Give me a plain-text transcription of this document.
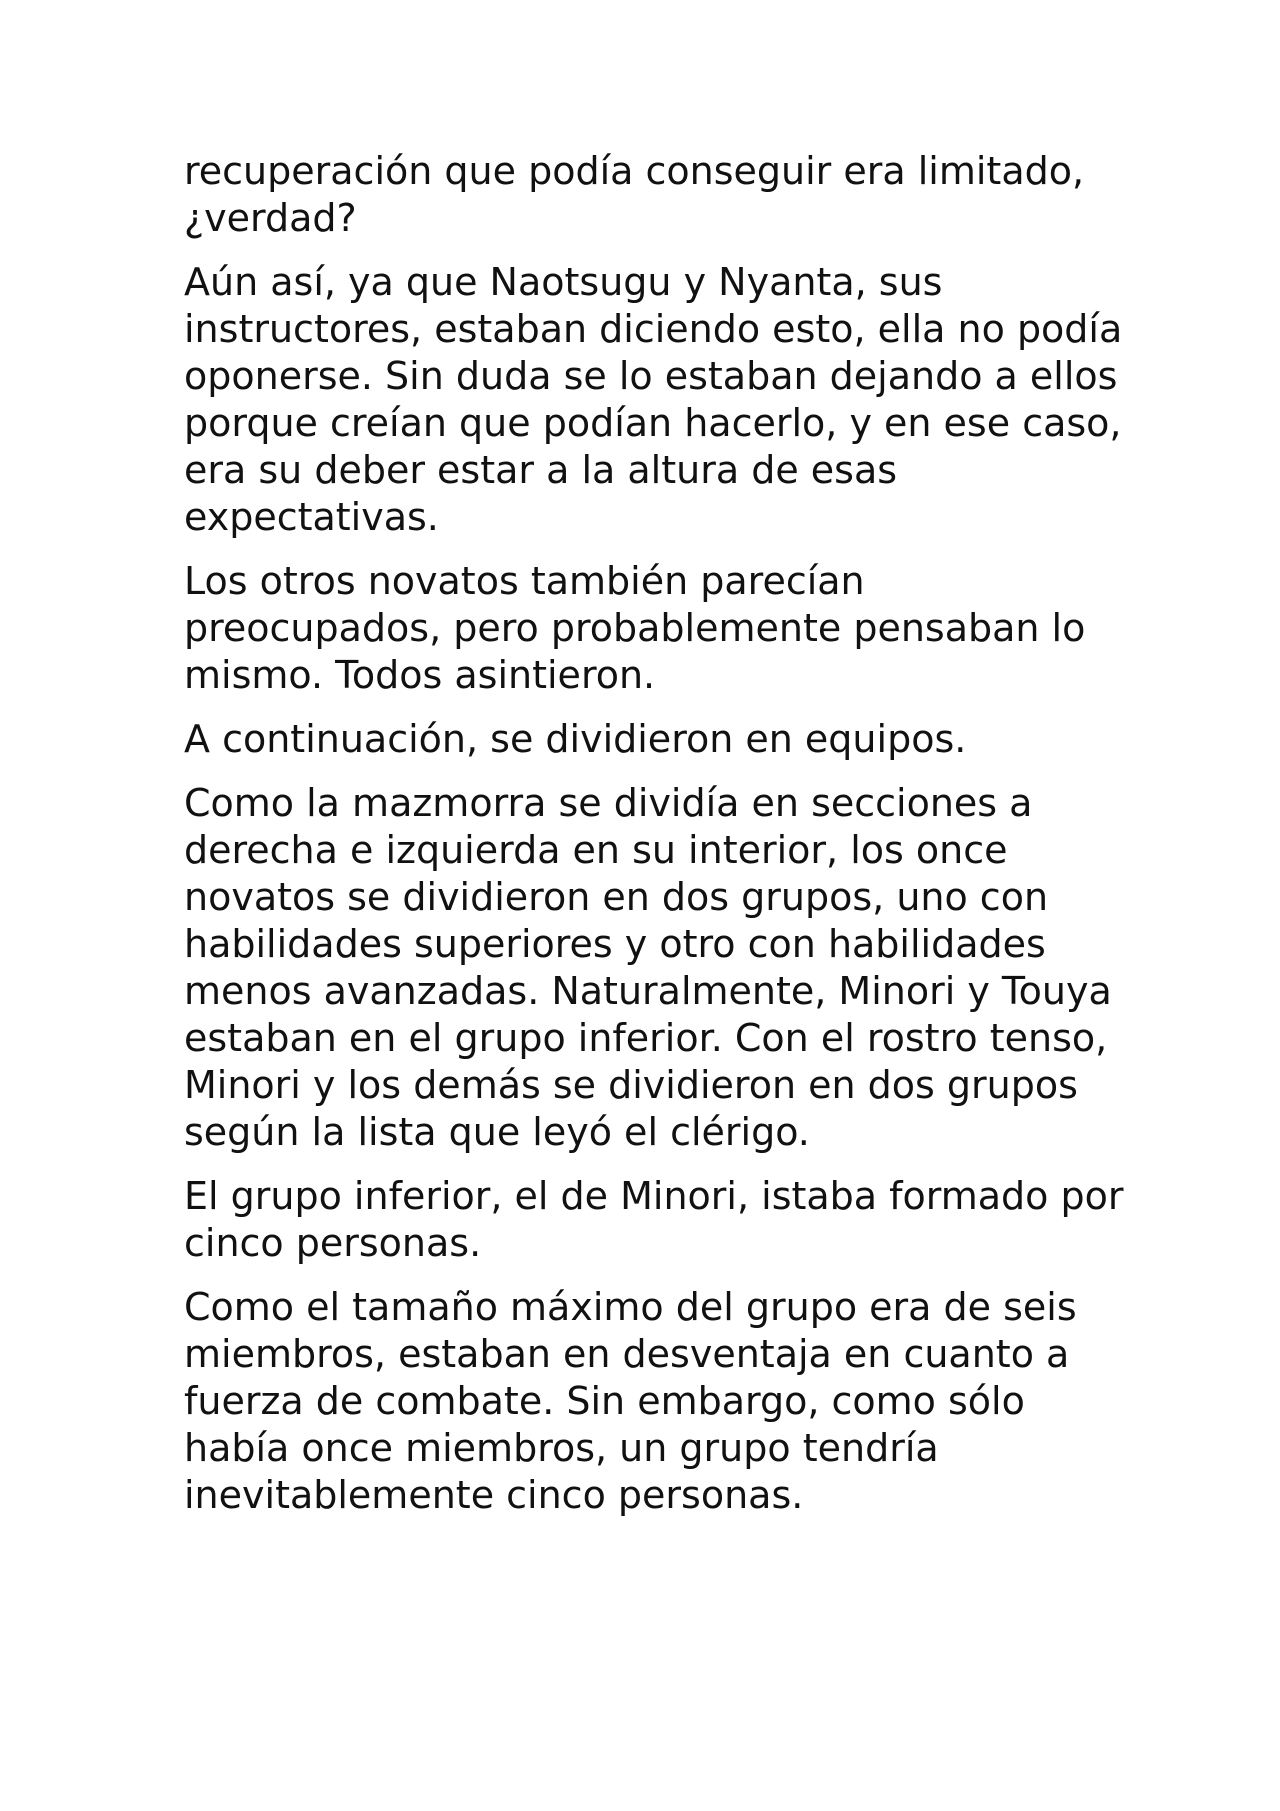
recuperación que podía conseguir era limitado, ¿verdad?

Aún así, ya que Naotsugu y Nyanta, sus instructores, estaban diciendo esto, ella no podía oponerse. Sin duda se lo estaban dejando a ellos porque creían que podían hacerlo, y en ese caso, era su deber estar a la altura de esas expectativas.

Los otros novatos también parecían preocupados, pero probablemente pensaban lo mismo. Todos asintieron.

A continuación, se dividieron en equipos.

Como la mazmorra se dividía en secciones a derecha e izquierda en su interior, los once novatos se dividieron en dos grupos, uno con habilidades superiores y otro con habilidades menos avanzadas. Naturalmente, Minori y Touya estaban en el grupo inferior. Con el rostro tenso, Minori y los demás se dividieron en dos grupos según la lista que leyó el clérigo.

El grupo inferior, el de Minori, istaba formado por cinco personas.

Como el tamaño máximo del grupo era de seis miembros, estaban en desventaja en cuanto a fuerza de combate. Sin embargo, como sólo había once miembros, un grupo tendría inevitablemente cinco personas.
